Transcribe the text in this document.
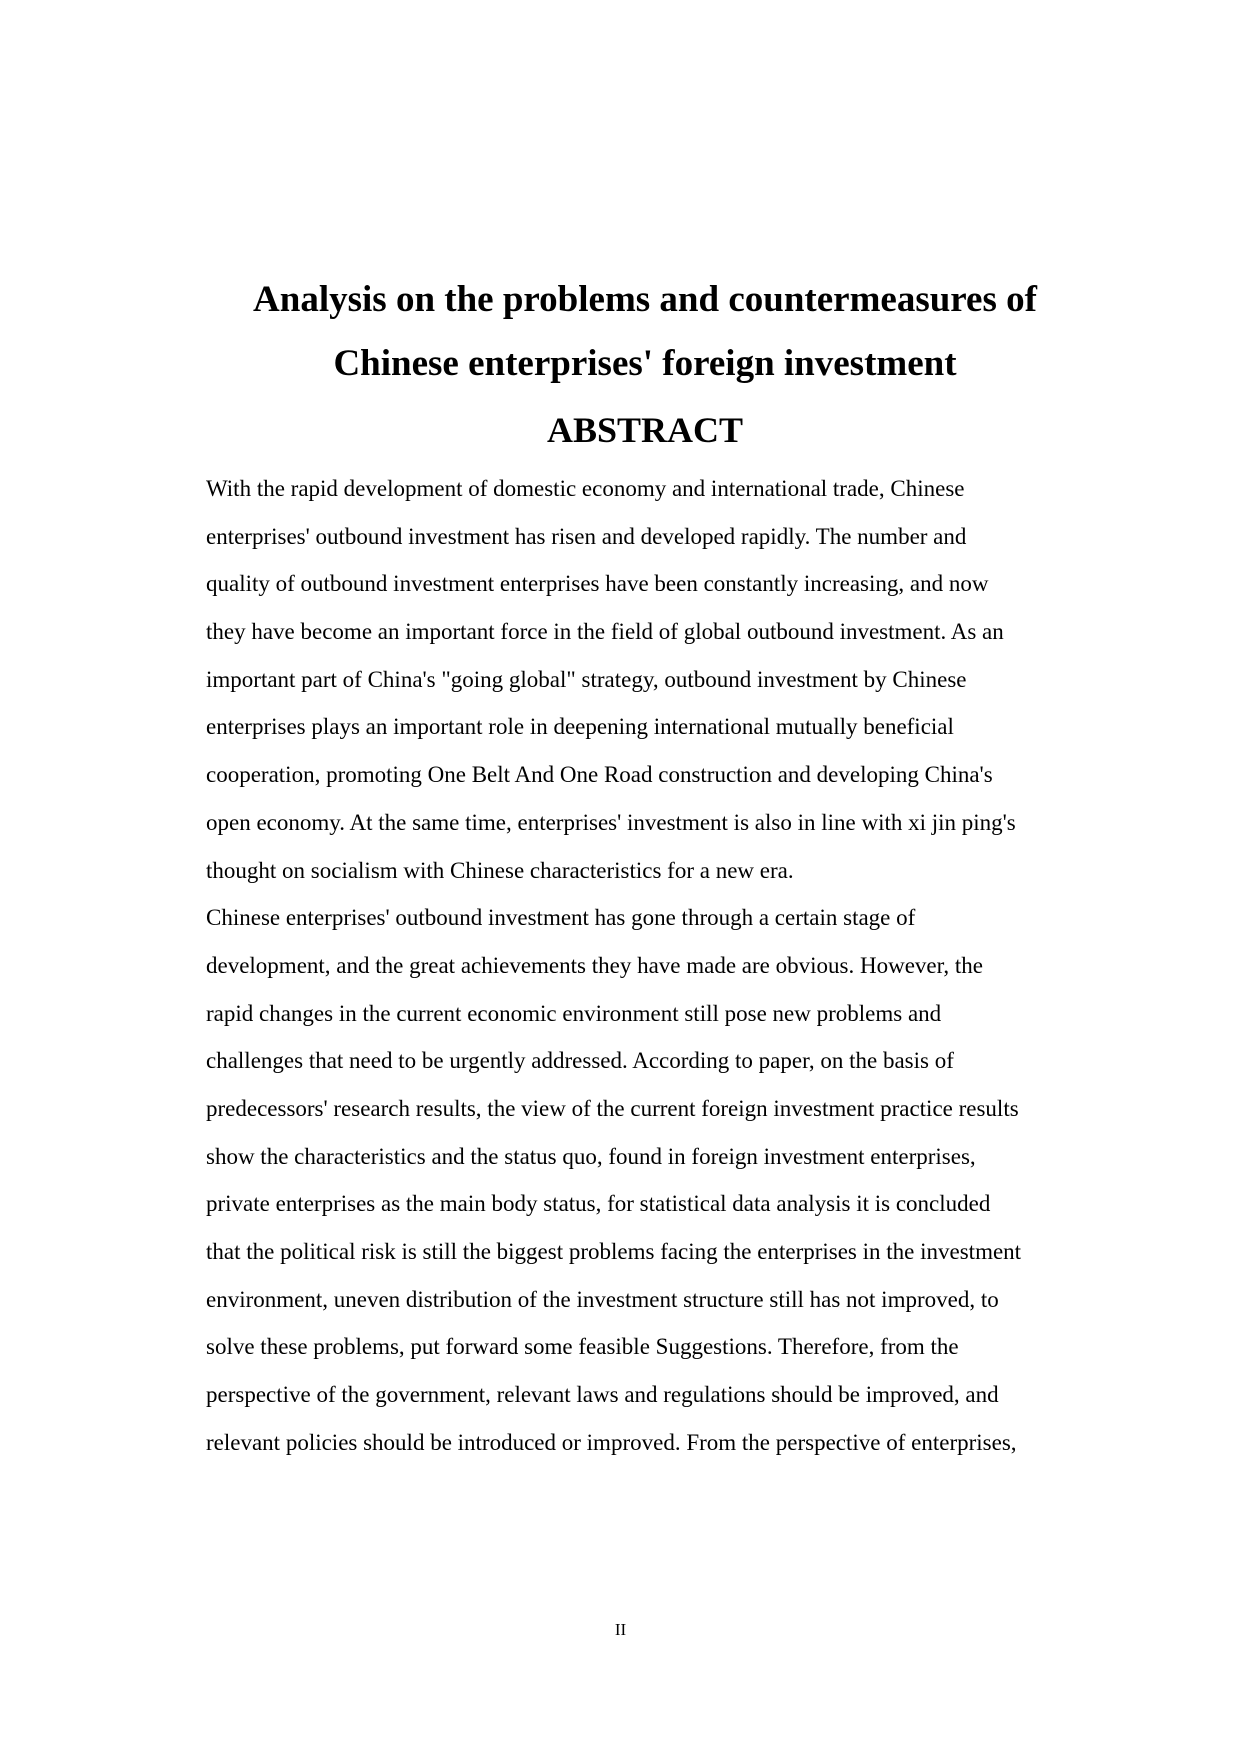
Analysis on the problems and countermeasures of
Chinese enterprises' foreign investment
ABSTRACT
With the rapid development of domestic economy and international trade, Chinese
enterprises' outbound investment has risen and developed rapidly. The number and
quality of outbound investment enterprises have been constantly increasing, and now
they have become an important force in the field of global outbound investment. As an
important part of China's "going global" strategy, outbound investment by Chinese
enterprises plays an important role in deepening international mutually beneficial
cooperation, promoting One Belt And One Road construction and developing China's
open economy. At the same time, enterprises' investment is also in line with xi jin ping's
thought on socialism with Chinese characteristics for a new era.
Chinese enterprises' outbound investment has gone through a certain stage of
development, and the great achievements they have made are obvious. However, the
rapid changes in the current economic environment still pose new problems and
challenges that need to be urgently addressed. According to paper, on the basis of
predecessors' research results, the view of the current foreign investment practice results
show the characteristics and the status quo, found in foreign investment enterprises,
private enterprises as the main body status, for statistical data analysis it is concluded
that the political risk is still the biggest problems facing the enterprises in the investment
environment, uneven distribution of the investment structure still has not improved, to
solve these problems, put forward some feasible Suggestions. Therefore, from the
perspective of the government, relevant laws and regulations should be improved, and
relevant policies should be introduced or improved. From the perspective of enterprises,
II
